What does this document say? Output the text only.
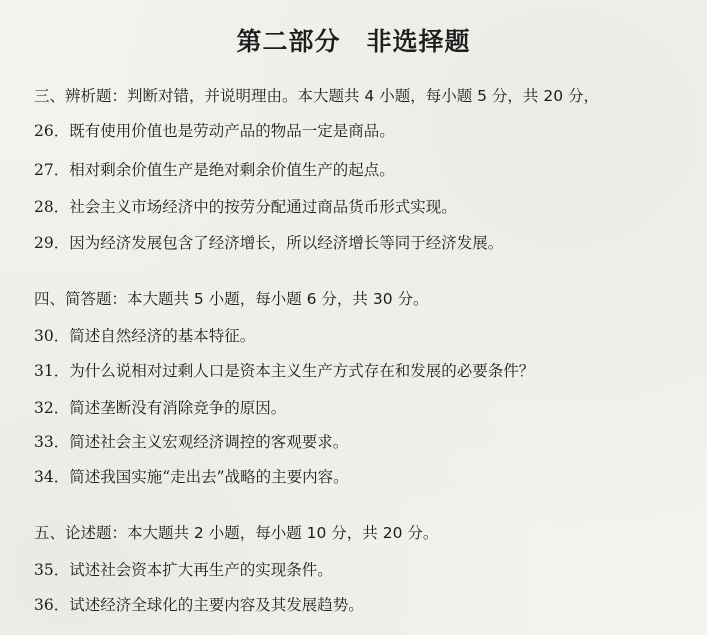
第二部分　非选择题
三、辨析题：判断对错，并说明理由。本大题共 4 小题，每小题 5 分，共 20 分，
26．既有使用价值也是劳动产品的物品一定是商品。
27．相对剩余价值生产是绝对剩余价值生产的起点。
28．社会主义市场经济中的按劳分配通过商品货币形式实现。
29．因为经济发展包含了经济增长，所以经济增长等同于经济发展。
四、简答题：本大题共 5 小题，每小题 6 分，共 30 分。
30．简述自然经济的基本特征。
31．为什么说相对过剩人口是资本主义生产方式存在和发展的必要条件？
32．简述垄断没有消除竞争的原因。
33．简述社会主义宏观经济调控的客观要求。
34．简述我国实施“走出去”战略的主要内容。
五、论述题：本大题共 2 小题，每小题 10 分，共 20 分。
35．试述社会资本扩大再生产的实现条件。
36．试述经济全球化的主要内容及其发展趋势。
